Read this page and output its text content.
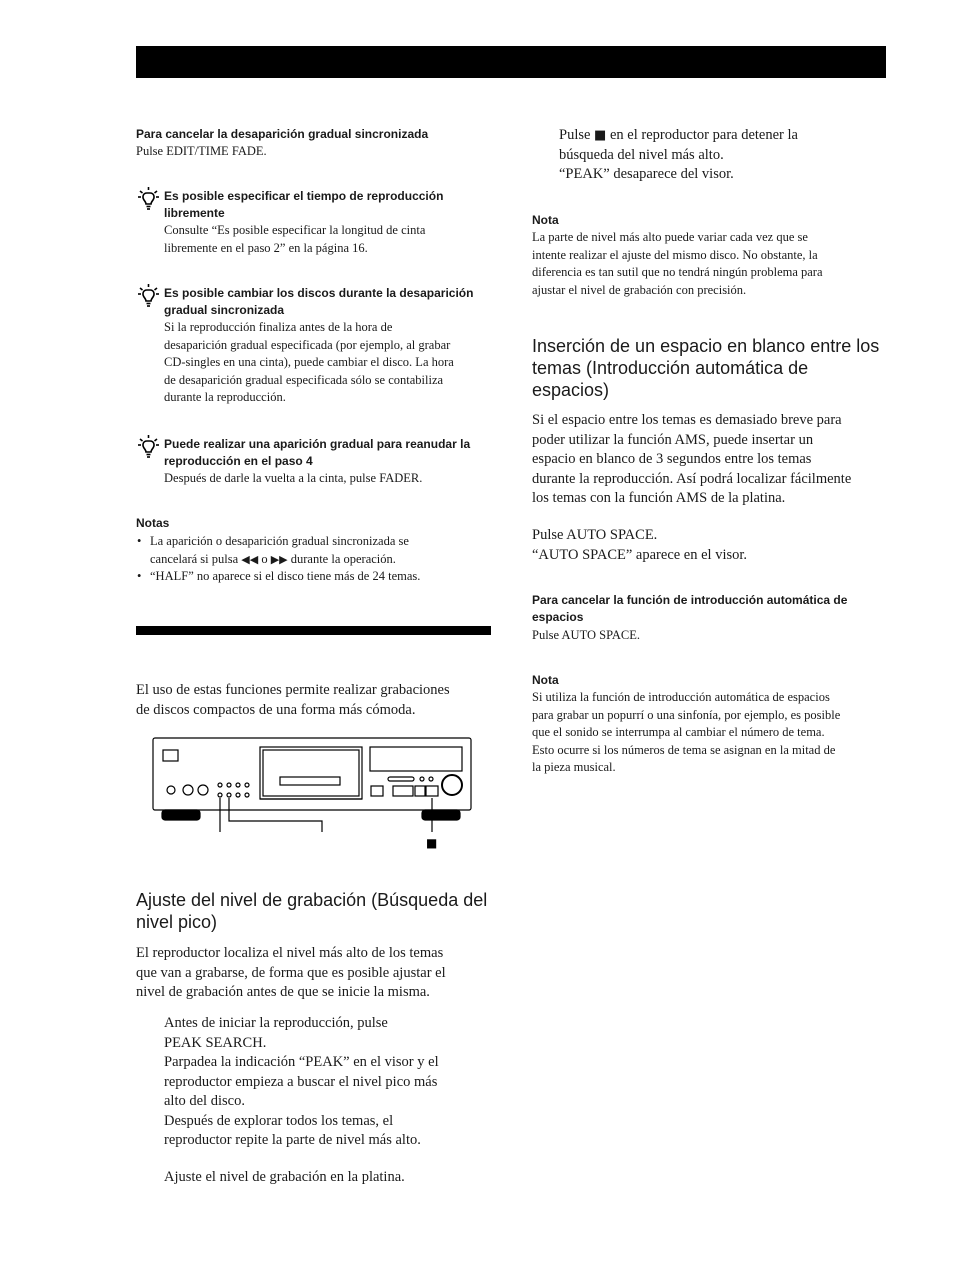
Para cancelar la desaparición gradual sincronizada
Pulse EDIT/TIME FADE.
Es posible especificar el tiempo de reproducción
libremente
Consulte “Es posible especificar la longitud de cinta
libremente en el paso 2” en la página 16.
Es posible cambiar los discos durante la desaparición
gradual sincronizada
Si la reproducción finaliza antes de la hora de
desaparición gradual especificada (por ejemplo, al grabar
CD-singles en una cinta), puede cambiar el disco. La hora
de desaparición gradual especificada sólo se contabiliza
durante la reproducción.
Puede realizar una aparición gradual para reanudar la
reproducción en el paso 4
Después de darle la vuelta a la cinta, pulse FADER.
Notas
• La aparición o desaparición gradual sincronizada se
cancelará si pulsa ◀◀ o ▶▶ durante la operación.
• “HALF” no aparece si el disco tiene más de 24 temas.
El uso de estas funciones permite realizar grabaciones
de discos compactos de una forma más cómoda.
■
Ajuste del nivel de grabación (Búsqueda del
nivel pico)
El reproductor localiza el nivel más alto de los temas
que van a grabarse, de forma que es posible ajustar el
nivel de grabación antes de que se inicie la misma.
Antes de iniciar la reproducción, pulse
PEAK SEARCH.
Parpadea la indicación “PEAK” en el visor y el
reproductor empieza a buscar el nivel pico más
alto del disco.
Después de explorar todos los temas, el
reproductor repite la parte de nivel más alto.
Ajuste el nivel de grabación en la platina.
Pulse ■ en el reproductor para detener la
búsqueda del nivel más alto.
“PEAK” desaparece del visor.
Nota
La parte de nivel más alto puede variar cada vez que se
intente realizar el ajuste del mismo disco. No obstante, la
diferencia es tan sutil que no tendrá ningún problema para
ajustar el nivel de grabación con precisión.
Inserción de un espacio en blanco entre los
temas (Introducción automática de
espacios)
Si el espacio entre los temas es demasiado breve para
poder utilizar la función AMS, puede insertar un
espacio en blanco de 3 segundos entre los temas
durante la reproducción. Así podrá localizar fácilmente
los temas con la función AMS de la platina.
Pulse AUTO SPACE.
“AUTO SPACE” aparece en el visor.
Para cancelar la función de introducción automática de
espacios
Pulse AUTO SPACE.
Nota
Si utiliza la función de introducción automática de espacios
para grabar un popurrí o una sinfonía, por ejemplo, es posible
que el sonido se interrumpa al cambiar el número de tema.
Esto ocurre si los números de tema se asignan en la mitad de
la pieza musical.
